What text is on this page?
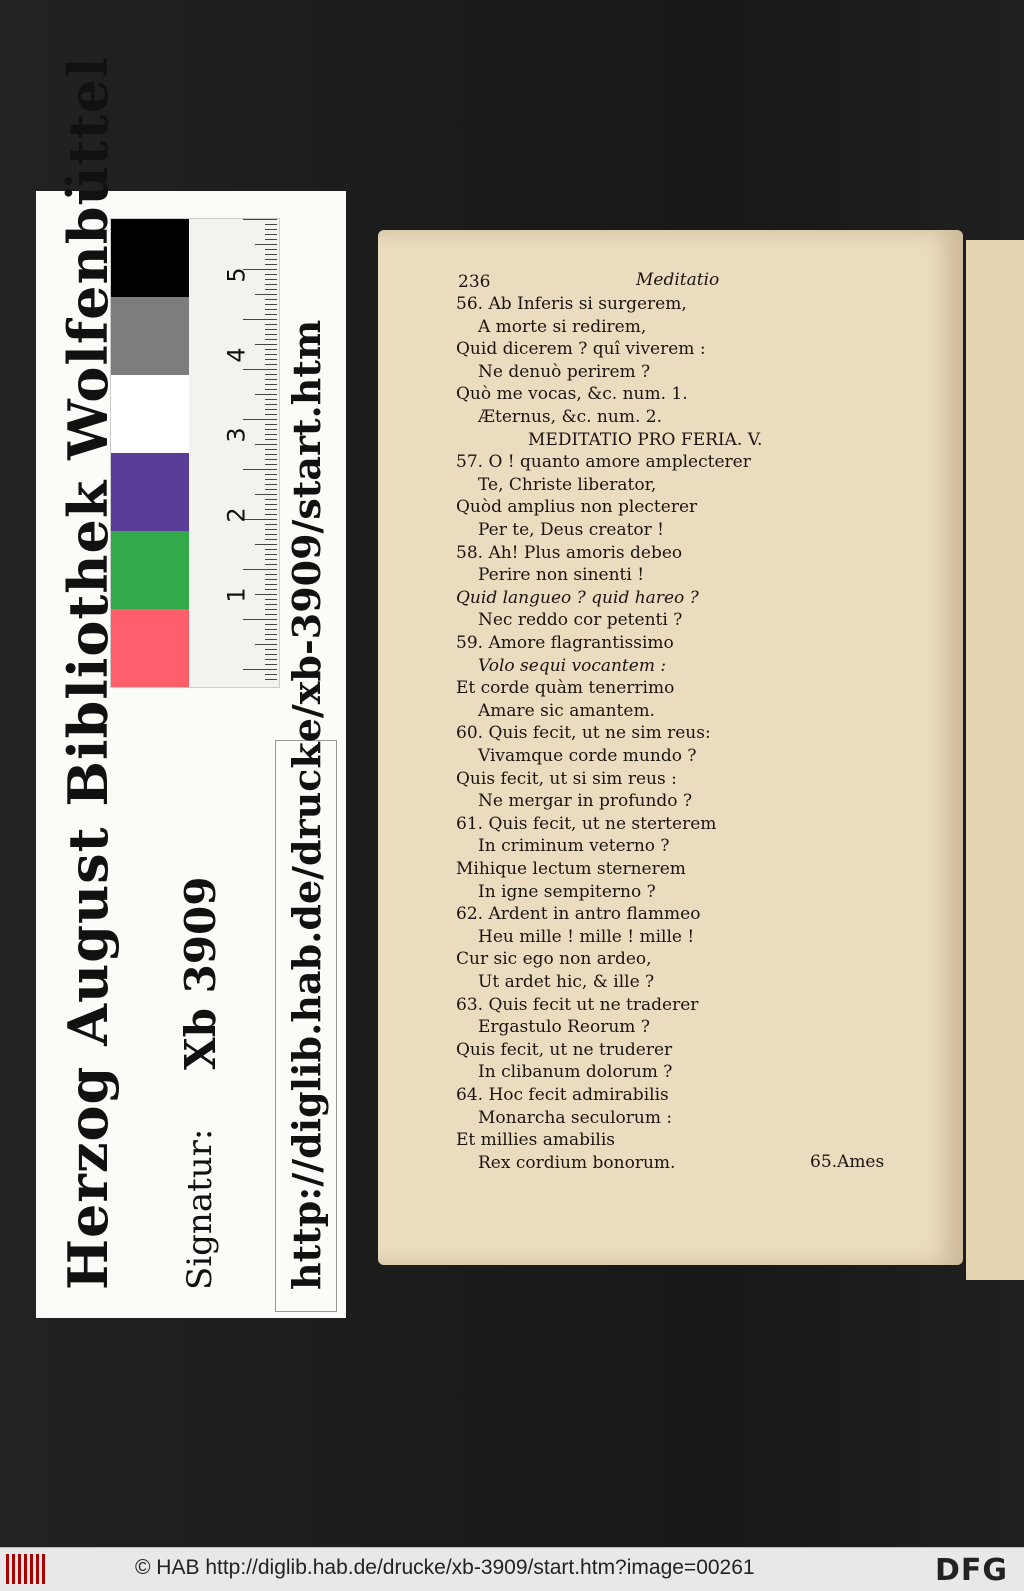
5
4
3
2
1
Herzog August Bibliothek Wolfenbüttel Signatur:
Xb 3909 http://diglib.hab.de/drucke/xb-3909/start.htm
236	Meditatio
56. Ab Inferis si surgerem,
A morte si redirem,
Quid dicerem ? quî viverem :
Ne denuò perirem ?
Quò me vocas, &c. num. 1.
Æternus, &c. num. 2.
MEDITATIO PRO FERIA. V.
57. O ! quanto amore amplecterer
Te, Christe liberator,
Quòd amplius non plecterer
Per te, Deus creator !
58. Ah! Plus amoris debeo
Perire non sinenti !
Quid langueo ? quid hareo ?
Nec reddo cor petenti ?
59. Amore flagrantissimo
Volo sequi vocantem :
Et corde quàm tenerrimo
Amare sic amantem.
60. Quis fecit, ut ne sim reus:
Vivamque corde mundo ?
Quis fecit, ut si sim reus :
Ne mergar in profundo ?
61. Quis fecit, ut ne sterterem
In criminum veterno ?
Mihique lectum sternerem
In igne sempiterno ?
62. Ardent in antro flammeo
Heu mille ! mille ! mille !
Cur sic ego non ardeo,
Ut ardet hic, & ille ?
63. Quis fecit ut ne traderer
Ergastulo Reorum ?
Quis fecit, ut ne truderer
In clibanum dolorum ?
64. Hoc fecit admirabilis
Monarcha seculorum :
Et millies amabilis
Rex cordium bonorum.	65.Ames
© HAB http://diglib.hab.de/drucke/xb-3909/start.htm?image=00261	DFG
